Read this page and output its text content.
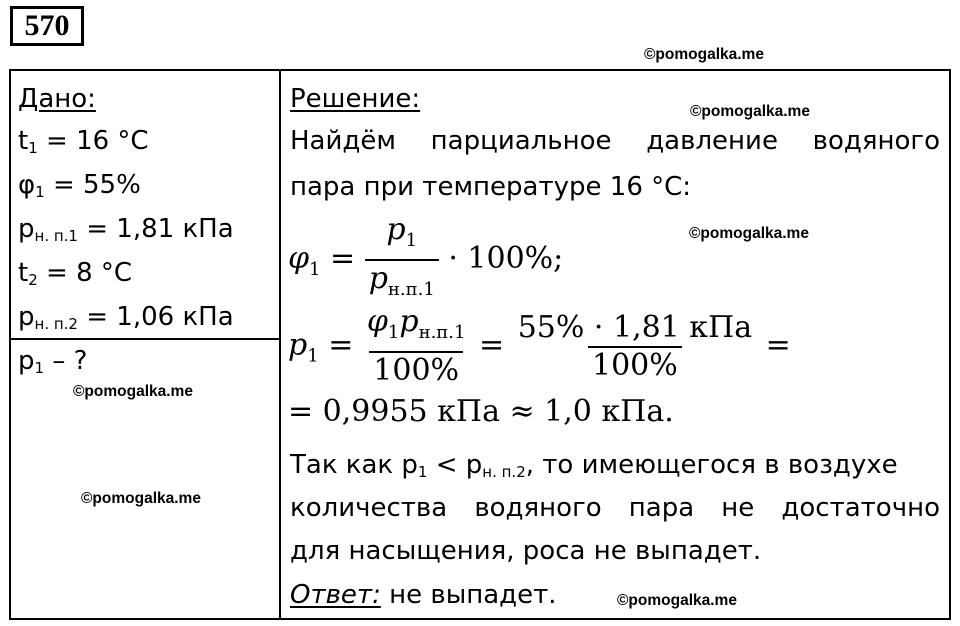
570
©pomogalka.me
©pomogalka.me
©pomogalka.me
©pomogalka.me
©pomogalka.me
©pomogalka.me
Дано:
$t_1 = 16$ °C
$\varphi_1 = 55\%$
$p_{н. п.1} = 1,81$ кПа
$t_2 = 8$ °C
$p_{н. п.2} = 1,06$ кПа
$p_1$ – ?
Решение:
Найдём парциальное давление водяного
пара при температуре 16 °C:
$\varphi_1 = \frac{p_1}{p_{н.п.1}} \cdot 100\%$;
$p_1 = \frac{\varphi_1p_{н.п.1}}{100\%} = \frac{\text{55\% · 1,81 кПа}}{100\%}$ =
= 0,9955 кПа ≈ 1,0 кПа.
Так как $p_1 < p_{н. п.2}$, то имеющегося в воздухе
количества водяного пара не достаточно
для насыщения, роса не выпадет.
Ответ: не выпадет.
